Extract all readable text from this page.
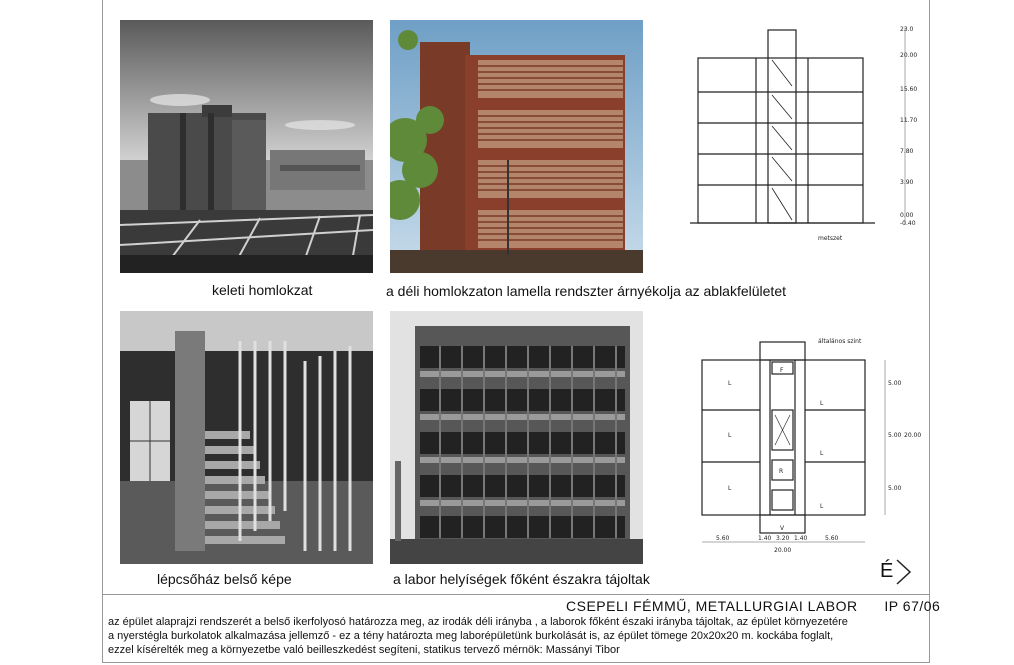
keleti homlokzat	a déli homlokzaton lamella rendszter árnyékolja az ablakfelületet
23.0
20.00
15.60
11.70
7.80
3.90
0.00
-0.40
metszet
lépcsőház belső képe	a labor helyíségek főként északra tájoltak
általános szint
L
L
L
L
L
L
R
V
F
5.60	1.40 3.20 1.40	5.60
20.00
5.00
5.00
5.00
20.00
É
CSEPELI FÉMMŰ, METALLURGIAI LABOR IP 67/06
az épület alaprajzi rendszerét a belső ikerfolyosó határozza meg, az irodák déli irányba , a laborok főként északi irányba tájoltak, az épület környezetére
a nyerstégla burkolatok alkalmazása jellemző - ez a tény határozta meg laborépületünk burkolását is, az épület tömege 20x20x20 m. kockába foglalt,
ezzel kísérelték meg a környezetbe való beilleszkedést segíteni, statikus tervező mérnök: Massányi Tibor
